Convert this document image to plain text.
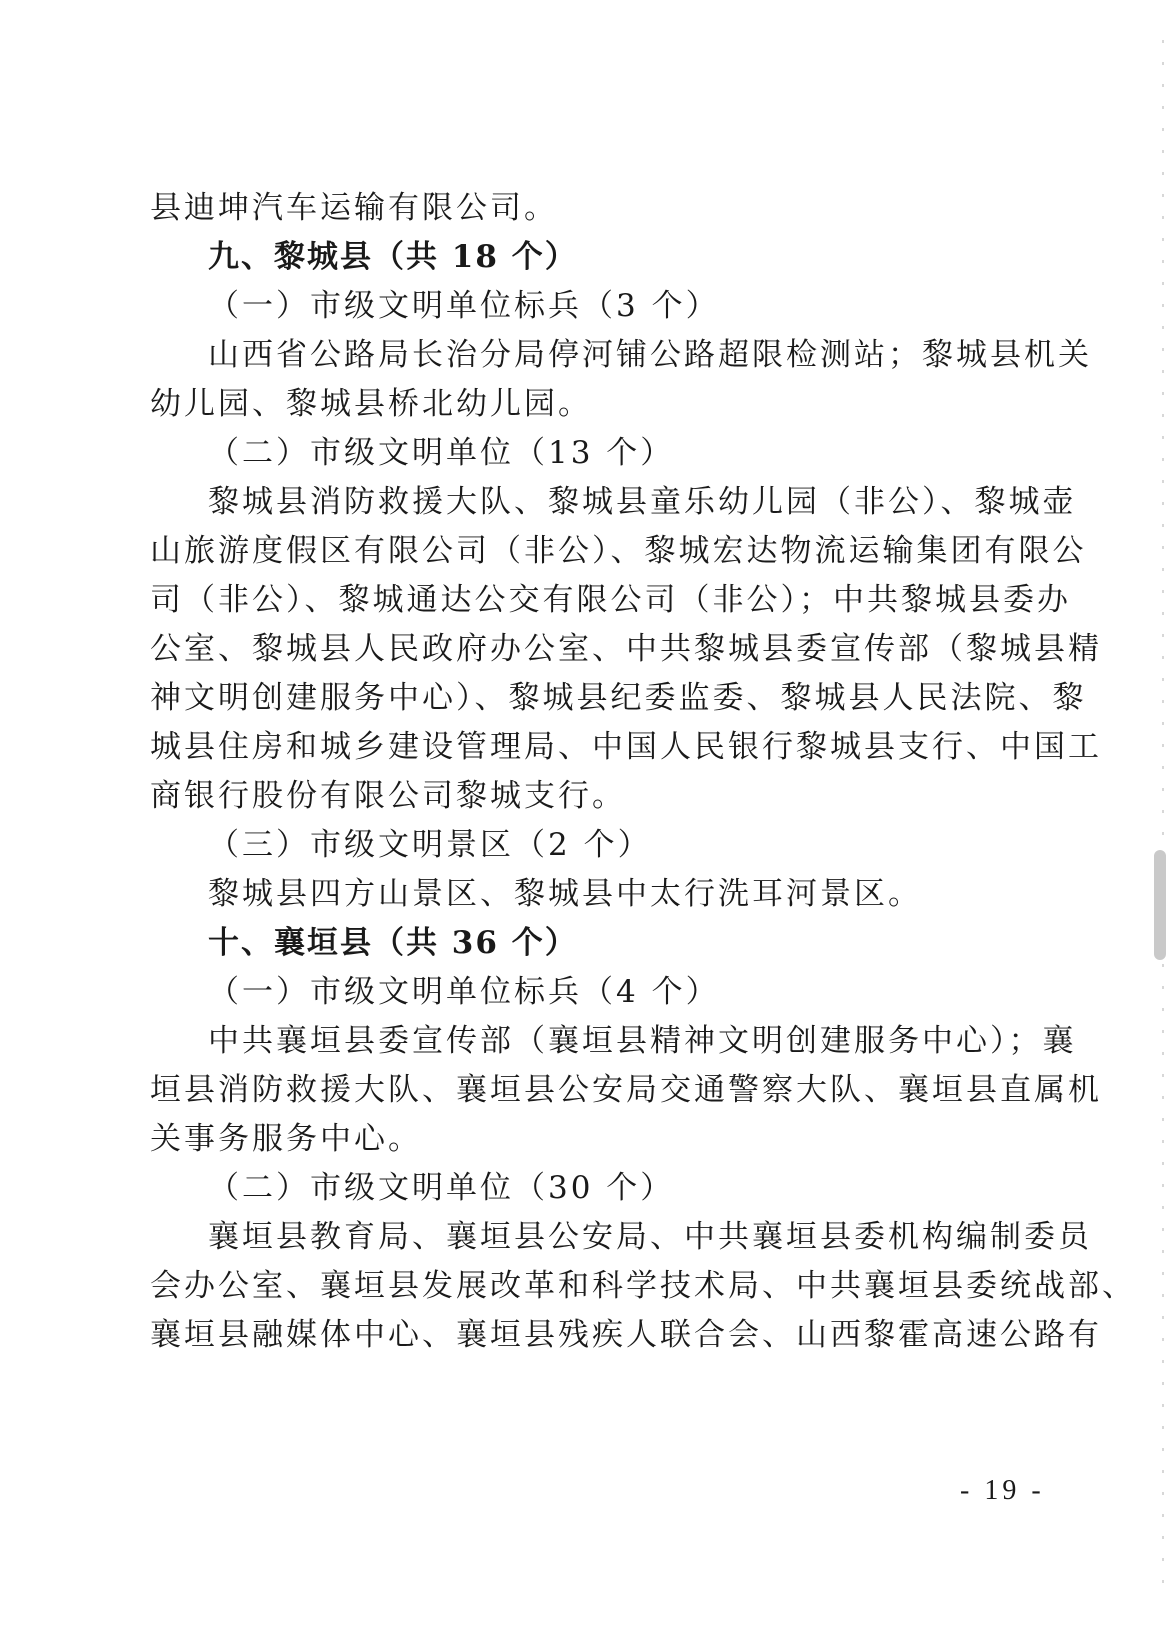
县迪坤汽车运输有限公司。
九、黎城县（共 18 个）
（一）市级文明单位标兵（3 个）
山西省公路局长治分局停河铺公路超限检测站；黎城县机关
幼儿园、黎城县桥北幼儿园。
（二）市级文明单位（13 个）
黎城县消防救援大队、黎城县童乐幼儿园（非公）、黎城壶
山旅游度假区有限公司（非公）、黎城宏达物流运输集团有限公
司（非公）、黎城通达公交有限公司（非公）；中共黎城县委办
公室、黎城县人民政府办公室、中共黎城县委宣传部（黎城县精
神文明创建服务中心）、黎城县纪委监委、黎城县人民法院、黎
城县住房和城乡建设管理局、中国人民银行黎城县支行、中国工
商银行股份有限公司黎城支行。
（三）市级文明景区（2 个）
黎城县四方山景区、黎城县中太行洗耳河景区。
十、襄垣县（共 36 个）
（一）市级文明单位标兵（4 个）
中共襄垣县委宣传部（襄垣县精神文明创建服务中心）；襄
垣县消防救援大队、襄垣县公安局交通警察大队、襄垣县直属机
关事务服务中心。
（二）市级文明单位（30 个）
襄垣县教育局、襄垣县公安局、中共襄垣县委机构编制委员
会办公室、襄垣县发展改革和科学技术局、中共襄垣县委统战部、
襄垣县融媒体中心、襄垣县残疾人联合会、山西黎霍高速公路有
- 19 -
